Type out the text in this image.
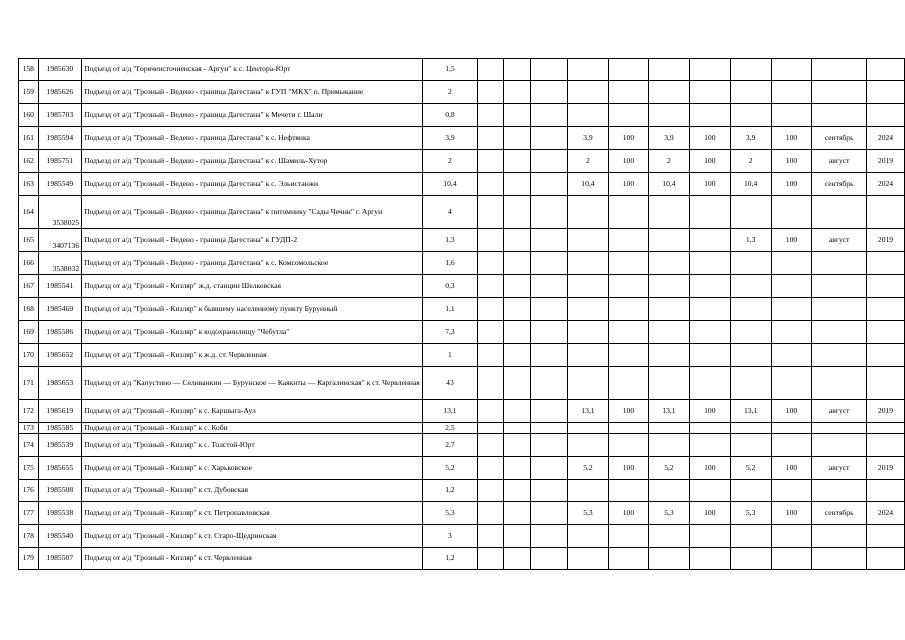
158	1985630	Подъезд от а/д "Горячеисточненская - Аргун" к с. Центора-Юрт	1,5											
159	1985626	Подъезд от а/д "Грозный - Ведено - граница Дагестана" к ГУП "МКХ" п. Примыкание	2											
160	1985703	Подъезд от а/д "Грозный - Ведено - граница Дагестана" к Мечети г. Шали	0,8											
161	1985594	Подъезд от а/д "Грозный - Ведено - граница Дагестана" к с. Нефтянка	3,9				3,9	100	3,9	100	3,9	100	сентябрь	2024
162	1985751	Подъезд от а/д "Грозный - Ведено - граница Дагестана" к с. Шамиль-Хутор	2				2	100	2	100	2	100	август	2019
163	1985549	Подъезд от а/д "Грозный - Ведено - граница Дагестана" к с. Эльистанжи	10,4				10,4	100	10,4	100	10,4	100	сентябрь	2024
164	3538025	Подъезд от а/д "Грозный - Ведено - граница Дагестана" к питомнику "Сады Чечни" г. Аргун	4											
165	3407136	Подъезд от а/д "Грозный - Ведено - граница Дагестана" к ГУДП-2	1,3								1,3	100	август	2019
166	3538032	Подъезд от а/д "Грозный - Ведено - граница Дагестана" к с. Комсомольское	1,6											
167	1985541	Подъезд от а/д "Грозный - Кизляр" ж.д. станции Шелковская	0,3											
168	1985469	Подъезд от а/д "Грозный - Кизляр" к бывшему населенному пункту Бурунный	1,1											
169	1985586	Подъезд от а/д "Грозный - Кизляр" к водохранилищу "Чебутла"	7,3											
170	1985652	Подъезд от а/д "Грозный - Кизляр" к ж.д. ст. Червленная	1											
171	1985653	Подъезд от а/д "Капустино — Селиванкин — Бурунское — Каякнты — Каргалинская" к ст. Червленная	43											
172	1985619	Подъезд от а/д "Грозный - Кизляр" к с. Каршыга-Аул	13,1				13,1	100	13,1	100	13,1	100	август	2019
173	1985585	Подъезд от а/д "Грозный - Кизляр" к с. Коби	2,5											
174	1985539	Подъезд от а/д "Грозный - Кизляр" к с. Толстой-Юрт	2,7											
175	1985655	Подъезд от а/д "Грозный - Кизляр" к с. Харьковское	5,2				5,2	100	5,2	100	5,2	100	август	2019
176	1985508	Подъезд от а/д "Грозный - Кизляр" к ст. Дубовская	1,2											
177	1985538	Подъезд от а/д "Грозный - Кизляр" к ст. Петропавловская	5,3				5,3	100	5,3	100	5,3	100	сентябрь	2024
178	1985540	Подъезд от а/д "Грозный - Кизляр" к ст. Старо-Щедринская	3											
179	1985507	Подъезд от а/д "Грозный - Кизляр" к ст. Червленная	1,2											
